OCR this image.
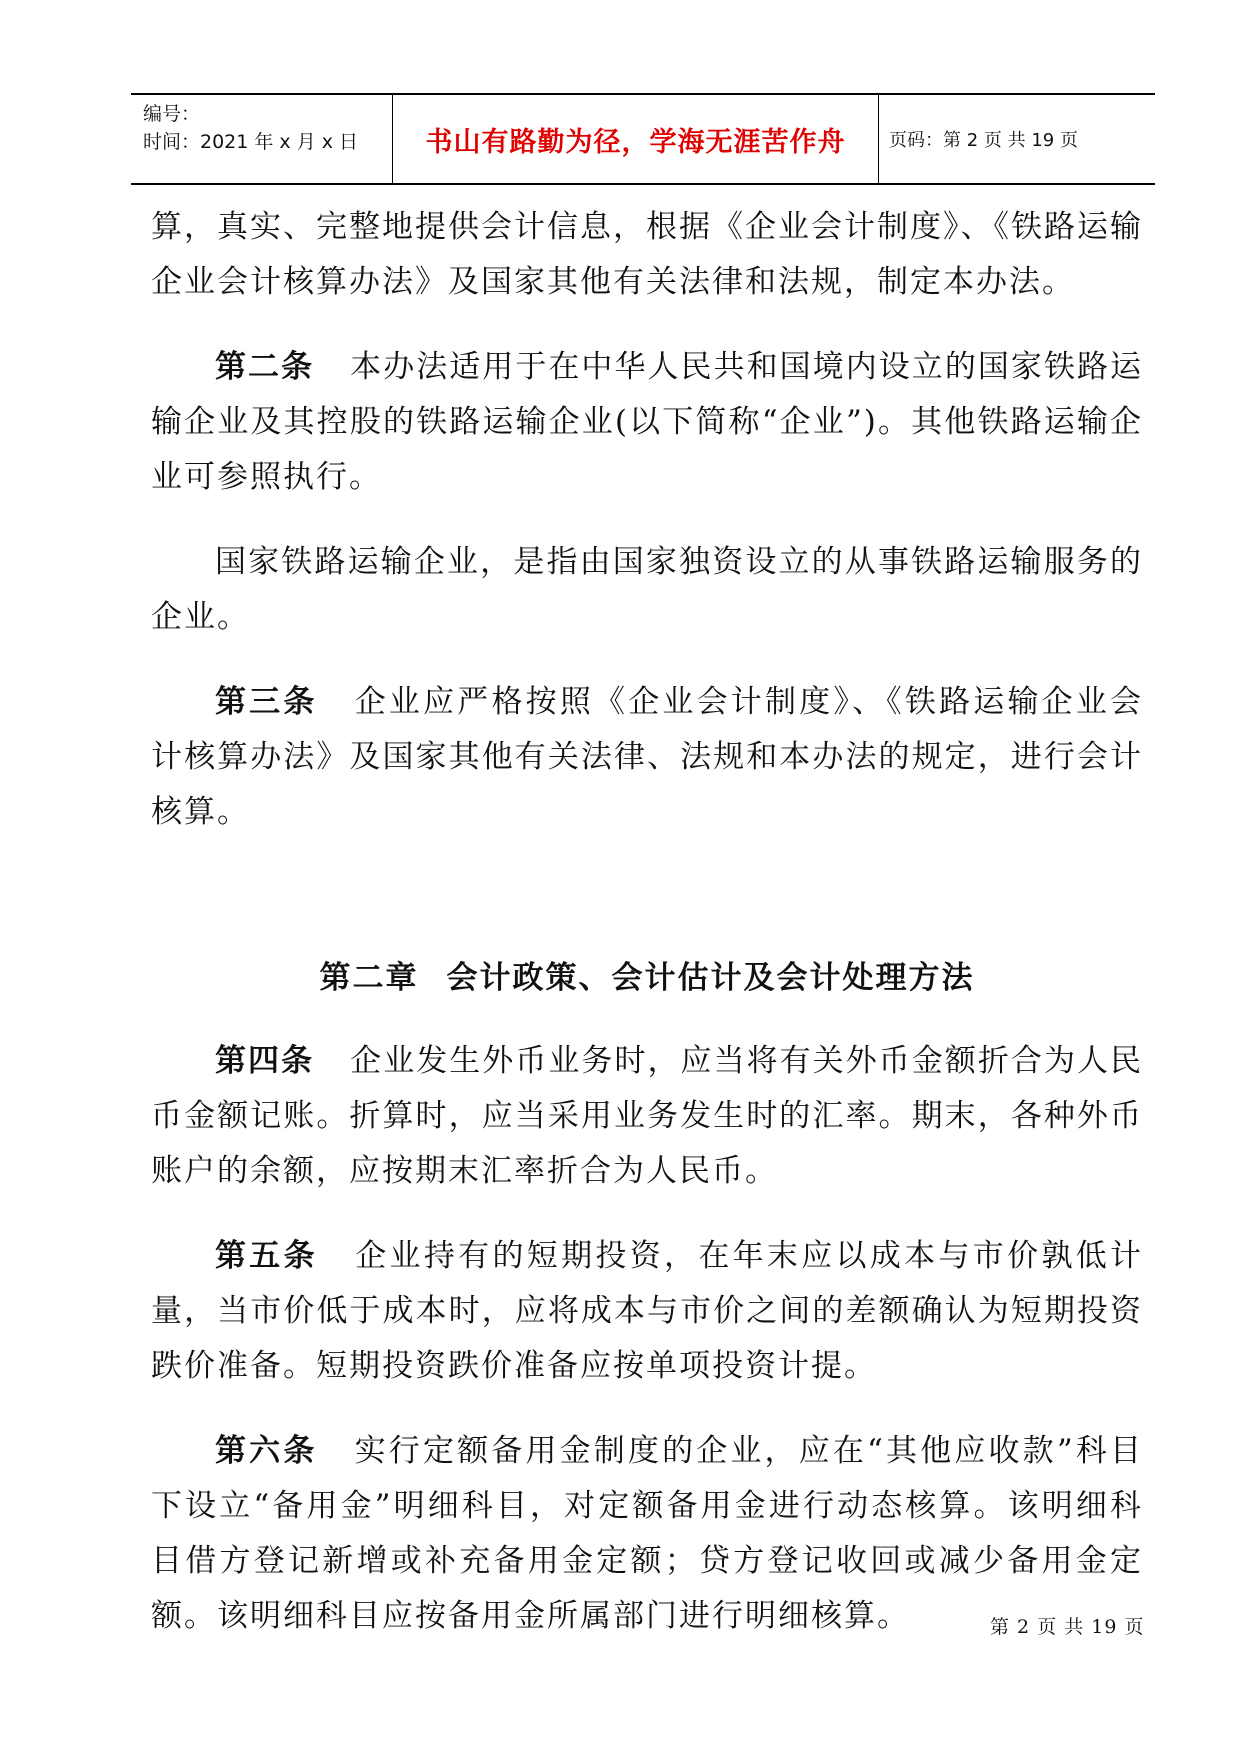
编号：
时间：2021 年 x 月 x 日 书山有路勤为径，学海无涯苦作舟 页码：第 2 页 共 19 页

算，真实、完整地提供会计信息，根据《企业会计制度》、《铁路运输企业会计核算办法》及国家其他有关法律和法规，制定本办法。

第二条 本办法适用于在中华人民共和国境内设立的国家铁路运输企业及其控股的铁路运输企业(以下简称“企业”)。其他铁路运输企业可参照执行。

国家铁路运输企业，是指由国家独资设立的从事铁路运输服务的企业。

第三条 企业应严格按照《企业会计制度》、《铁路运输企业会计核算办法》及国家其他有关法律、法规和本办法的规定，进行会计核算。

第二章 会计政策、会计估计及会计处理方法

第四条 企业发生外币业务时，应当将有关外币金额折合为人民币金额记账。折算时，应当采用业务发生时的汇率。期末，各种外币账户的余额，应按期末汇率折合为人民币。

第五条 企业持有的短期投资，在年末应以成本与市价孰低计量，当市价低于成本时，应将成本与市价之间的差额确认为短期投资跌价准备。短期投资跌价准备应按单项投资计提。

第六条 实行定额备用金制度的企业，应在“其他应收款”科目下设立“备用金”明细科目，对定额备用金进行动态核算。该明细科目借方登记新增或补充备用金定额；贷方登记收回或减少备用金定额。该明细科目应按备用金所属部门进行明细核算。	第 2 页 共 19 页
